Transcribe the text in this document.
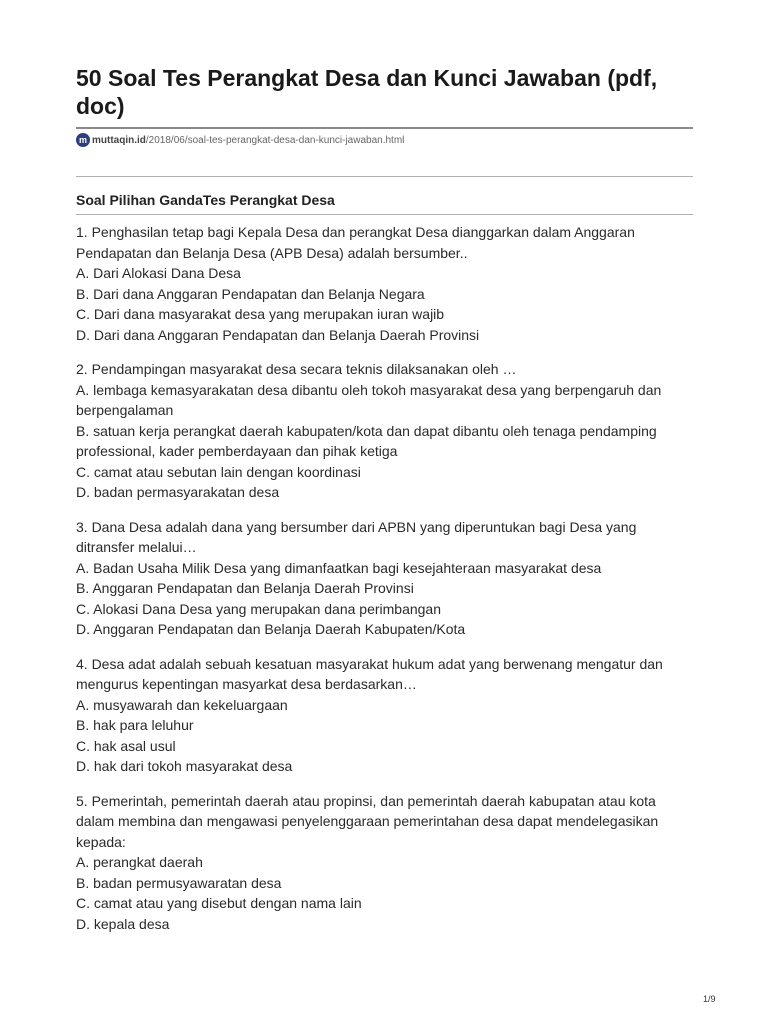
50 Soal Tes Perangkat Desa dan Kunci Jawaban (pdf, doc)
m muttaqin.id /2018/06/soal-tes-perangkat-desa-dan-kunci-jawaban.html
Soal Pilihan GandaTes Perangkat Desa

1. Penghasilan tetap bagi Kepala Desa dan perangkat Desa dianggarkan dalam Anggaran Pendapatan dan Belanja Desa (APB Desa) adalah bersumber..

A. Dari Alokasi Dana Desa

B. Dari dana Anggaran Pendapatan dan Belanja Negara

C. Dari dana masyarakat desa yang merupakan iuran wajib

D. Dari dana Anggaran Pendapatan dan Belanja Daerah Provinsi

2. Pendampingan masyarakat desa secara teknis dilaksanakan oleh …

A. lembaga kemasyarakatan desa dibantu oleh tokoh masyarakat desa yang berpengaruh dan berpengalaman

B. satuan kerja perangkat daerah kabupaten/kota dan dapat dibantu oleh tenaga pendamping professional, kader pemberdayaan dan pihak ketiga

C. camat atau sebutan lain dengan koordinasi

D. badan permasyarakatan desa

3. Dana Desa adalah dana yang bersumber dari APBN yang diperuntukan bagi Desa yang ditransfer melalui…

A. Badan Usaha Milik Desa yang dimanfaatkan bagi kesejahteraan masyarakat desa

B. Anggaran Pendapatan dan Belanja Daerah Provinsi

C. Alokasi Dana Desa yang merupakan dana perimbangan

D. Anggaran Pendapatan dan Belanja Daerah Kabupaten/Kota

4. Desa adat adalah sebuah kesatuan masyarakat hukum adat yang berwenang mengatur dan mengurus kepentingan masyarkat desa berdasarkan…

A. musyawarah dan kekeluargaan

B. hak para leluhur

C. hak asal usul

D. hak dari tokoh masyarakat desa

5. Pemerintah, pemerintah daerah atau propinsi, dan pemerintah daerah kabupatan atau kota dalam membina dan mengawasi penyelenggaraan pemerintahan desa dapat mendelegasikan kepada:

A. perangkat daerah

B. badan permusyawaratan desa

C. camat atau yang disebut dengan nama lain

D. kepala desa

1/9
